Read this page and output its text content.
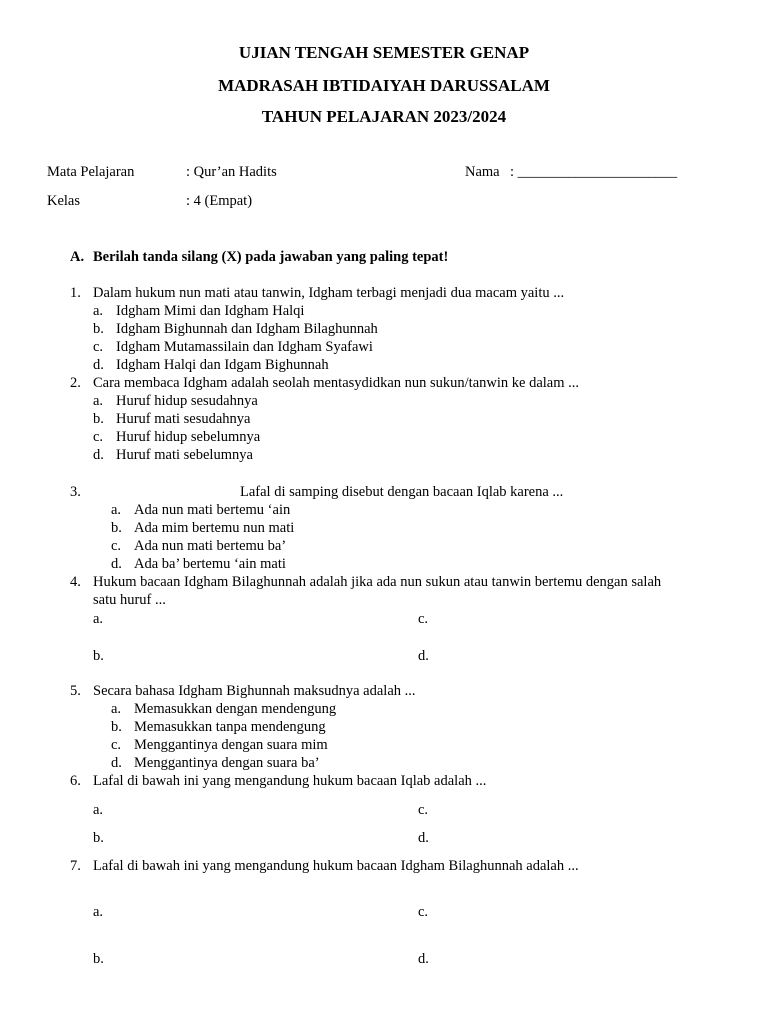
UJIAN TENGAH SEMESTER GENAP
MADRASAH IBTIDAIYAH DARUSSALAM
TAHUN PELAJARAN 2023/2024
Mata Pelajaran	: Qur’an Hadits	Nama : ______________________
Kelas	: 4 (Empat)
A. Berilah tanda silang (X) pada jawaban yang paling tepat!
1. Dalam hukum nun mati atau tanwin, Idgham terbagi menjadi dua macam yaitu ...
a. Idgham Mimi dan Idgham Halqi
b. Idgham Bighunnah dan Idgham Bilaghunnah
c. Idgham Mutamassilain dan Idgham Syafawi
d. Idgham Halqi dan Idgam Bighunnah
2. Cara membaca Idgham adalah seolah mentasydidkan nun sukun/tanwin ke dalam ...
a. Huruf hidup sesudahnya
b. Huruf mati sesudahnya
c. Huruf hidup sebelumnya
d. Huruf mati sebelumnya
3.	Lafal di samping disebut dengan bacaan Iqlab karena ...
a. Ada nun mati bertemu ‘ain
b. Ada mim bertemu nun mati
c. Ada nun mati bertemu ba’
d. Ada ba’ bertemu ‘ain mati
4. Hukum bacaan Idgham Bilaghunnah adalah jika ada nun sukun atau tanwin bertemu dengan salah
satu huruf ...
a.	c.
b.	d.
5. Secara bahasa Idgham Bighunnah maksudnya adalah ...
a. Memasukkan dengan mendengung
b. Memasukkan tanpa mendengung
c. Menggantinya dengan suara mim
d. Menggantinya dengan suara ba’
6. Lafal di bawah ini yang mengandung hukum bacaan Iqlab adalah ...
a.	c.
b.	d.
7. Lafal di bawah ini yang mengandung hukum bacaan Idgham Bilaghunnah adalah ...
a.	c.
b.	d.
